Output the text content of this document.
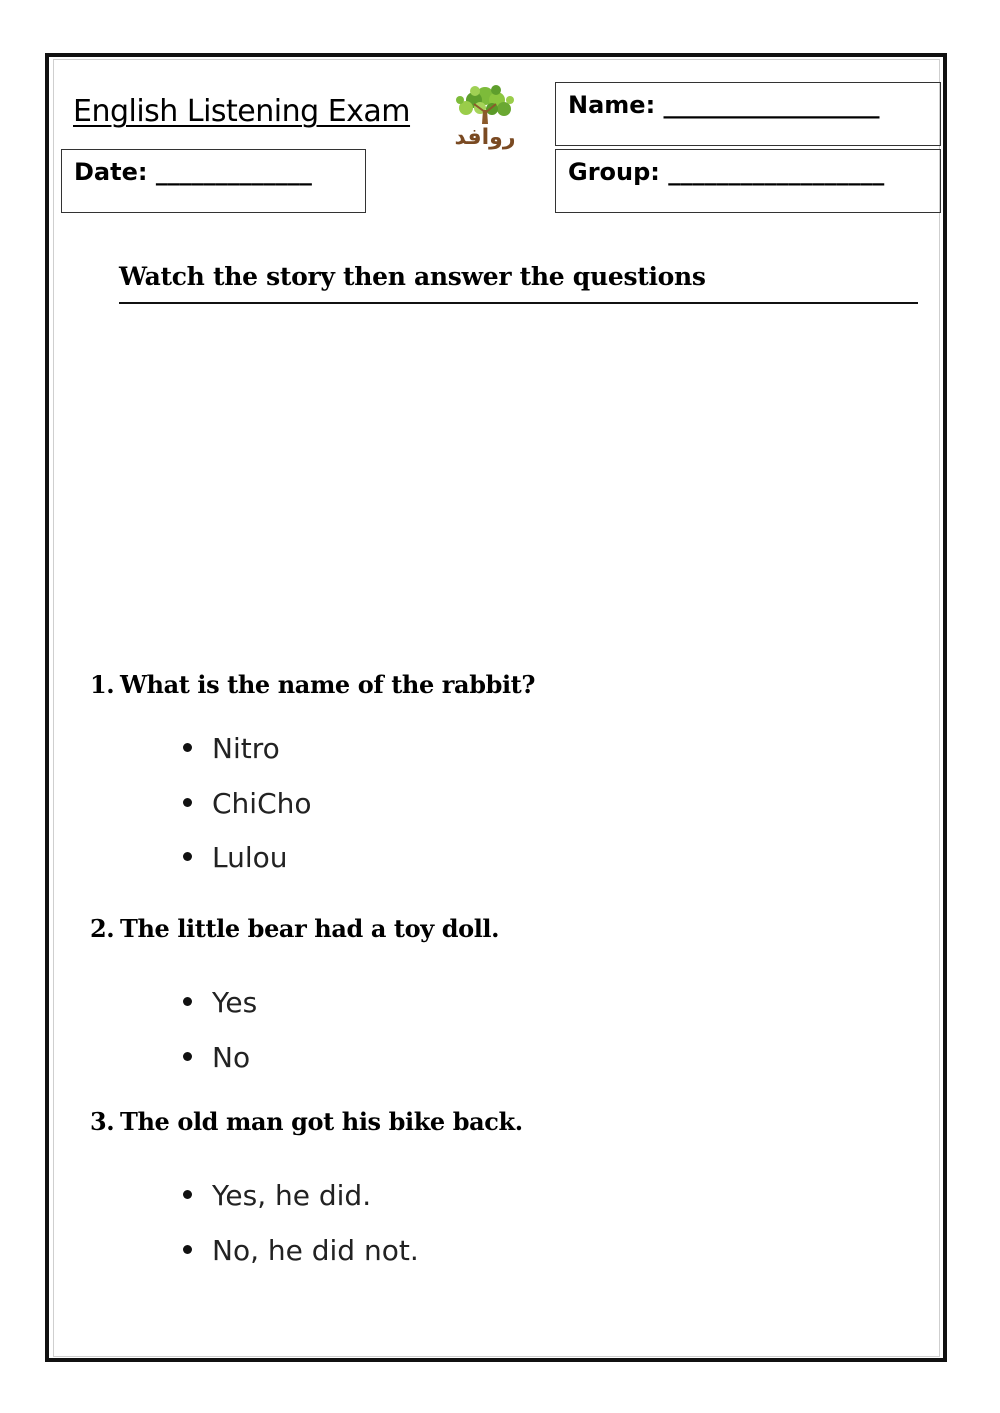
English Listening Exam
روافد
Name: __________________
Date: _____________	Group: __________________
Watch the story then answer the questions
1. What is the name of the rabbit?
Nitro
ChiCho
Lulou
2. The little bear had a toy doll.
Yes
No
3. The old man got his bike back.
Yes, he did.
No, he did not.
